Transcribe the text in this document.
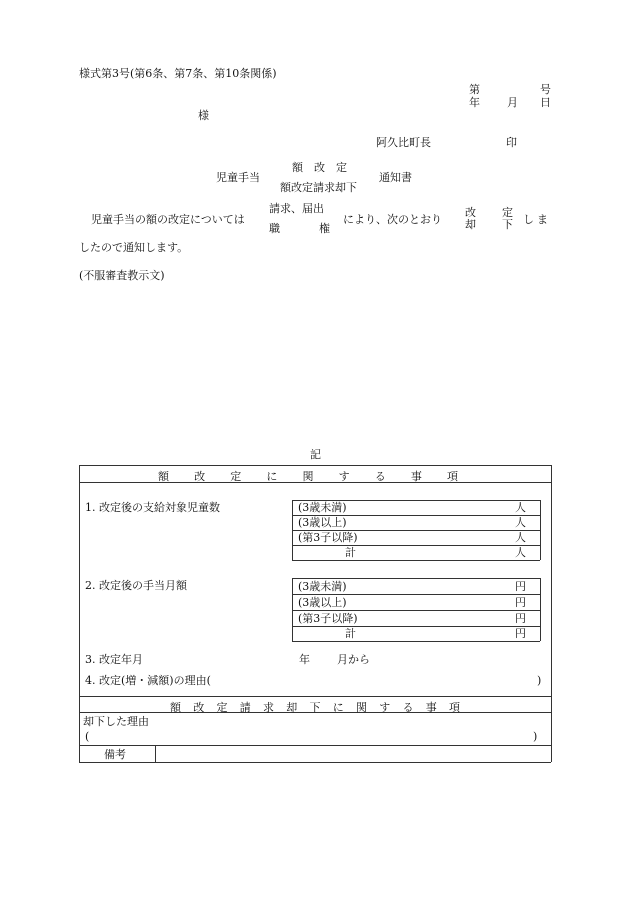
様式第3号(第6条、第7条、第10条関係)
第	号
年 月 日
様
阿久比町長	印
児童手当
額　改　定
額改定請求却下
通知書
児童手当の額の改定については
請求、届出
職	権
により、次のとおり
改 定
却 下 しま
したので通知します。
(不服審査教示文)
記
額 改 定 に 関 す る 事 項
1. 改定後の支給対象児童数	(3歳未満)	人
(3歳以上)	人
(第3子以降)	人
計	人
2. 改定後の手当月額	(3歳未満)	円
(3歳以上)	円
(第3子以降)	円
計	円
3. 改定年月	年 月から
4. 改定(増・減額)の理由(	)
額 改 定 請 求 却 下 に 関 す る 事 項
却下した理由
(	)
備考
